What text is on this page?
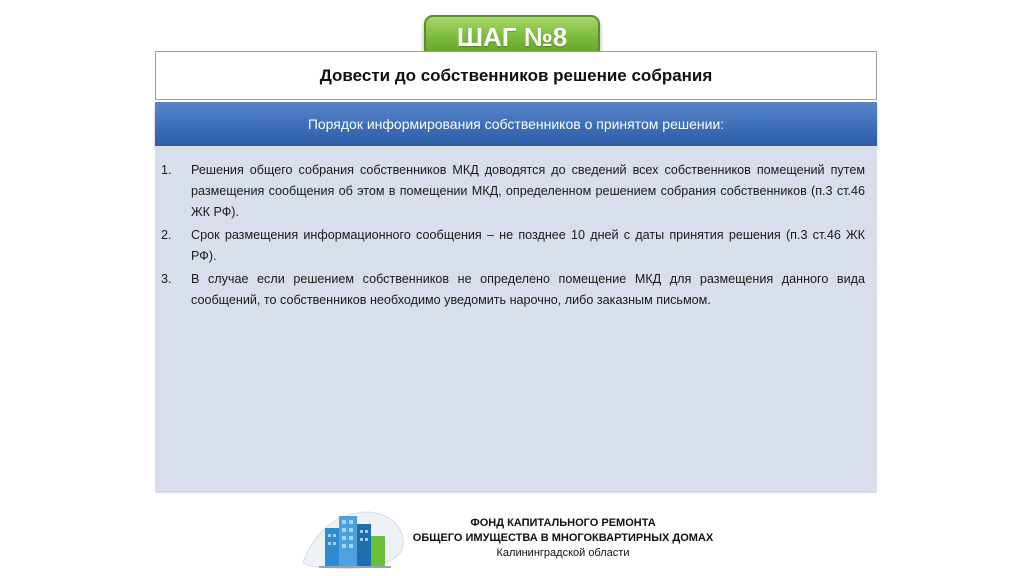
ШАГ №8
Довести до собственников решение собрания
Порядок информирования собственников о принятом решении:
1.	Решения общего собрания собственников МКД доводятся до сведений всех собственников помещений путем размещения сообщения об этом в помещении МКД, определенном решением собрания собственников (п.3 ст.46 ЖК РФ).
2.	Срок размещения информационного сообщения – не позднее 10 дней с даты принятия решения (п.3 ст.46 ЖК РФ).
3.	В случае если решением собственников не определено помещение МКД для размещения данного вида сообщений, то собственников необходимо уведомить нарочно, либо заказным письмом.
ФОНД КАПИТАЛЬНОГО РЕМОНТА
ОБЩЕГО ИМУЩЕСТВА В МНОГОКВАРТИРНЫХ ДОМАХ
Калининградской области
